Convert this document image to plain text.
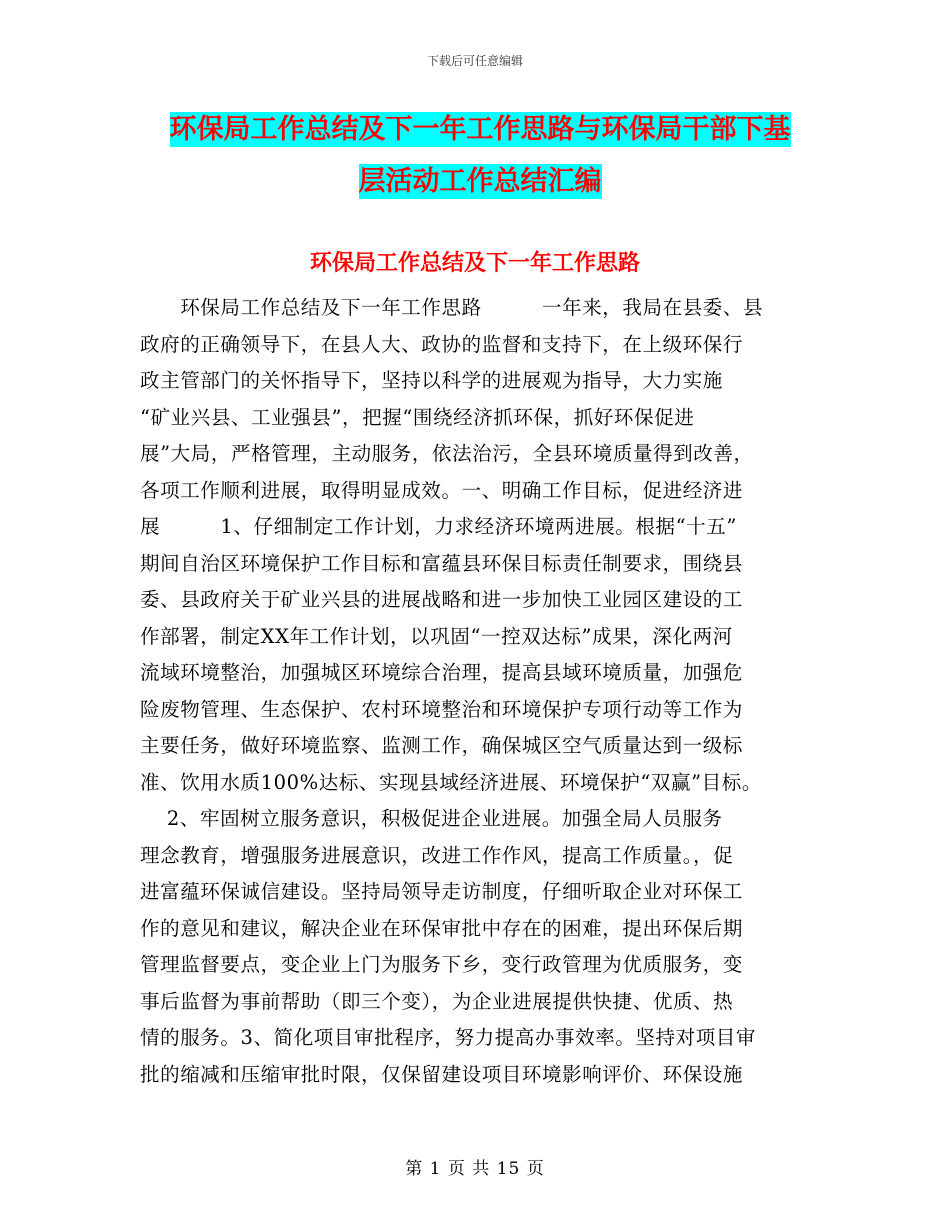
下载后可任意编辑
环保局工作总结及下一年工作思路与环保局干部下基
层活动工作总结汇编
环保局工作总结及下一年工作思路
　　环保局工作总结及下一年工作思路　　　一年来，我局在县委、县
政府的正确领导下，在县人大、政协的监督和支持下，在上级环保行
政主管部门的关怀指导下，坚持以科学的进展观为指导，大力实施
“矿业兴县、工业强县”，把握“围绕经济抓环保，抓好环保促进
展”大局，严格管理，主动服务，依法治污，全县环境质量得到改善，
各项工作顺利进展，取得明显成效。一、明确工作目标，促进经济进
展　　　1、仔细制定工作计划，力求经济环境两进展。根据“十五”
期间自治区环境保护工作目标和富蕴县环保目标责任制要求，围绕县
委、县政府关于矿业兴县的进展战略和进一步加快工业园区建设的工
作部署，制定XX年工作计划，以巩固“一控双达标”成果，深化两河
流域环境整治，加强城区环境综合治理，提高县域环境质量，加强危
险废物管理、生态保护、农村环境整治和环境保护专项行动等工作为
主要任务，做好环境监察、监测工作，确保城区空气质量达到一级标
准、饮用水质100%达标、实现县域经济进展、环境保护“双赢”目标。
　 2、牢固树立服务意识，积极促进企业进展。加强全局人员服务
理念教育，增强服务进展意识，改进工作作风，提高工作质量。，促
进富蕴环保诚信建设。坚持局领导走访制度，仔细听取企业对环保工
作的意见和建议，解决企业在环保审批中存在的困难，提出环保后期
管理监督要点，变企业上门为服务下乡，变行政管理为优质服务，变
事后监督为事前帮助（即三个变），为企业进展提供快捷、优质、热
情的服务。3、简化项目审批程序，努力提高办事效率。坚持对项目审
批的缩减和压缩审批时限，仅保留建设项目环境影响评价、环保设施
第 1 页 共 15 页
